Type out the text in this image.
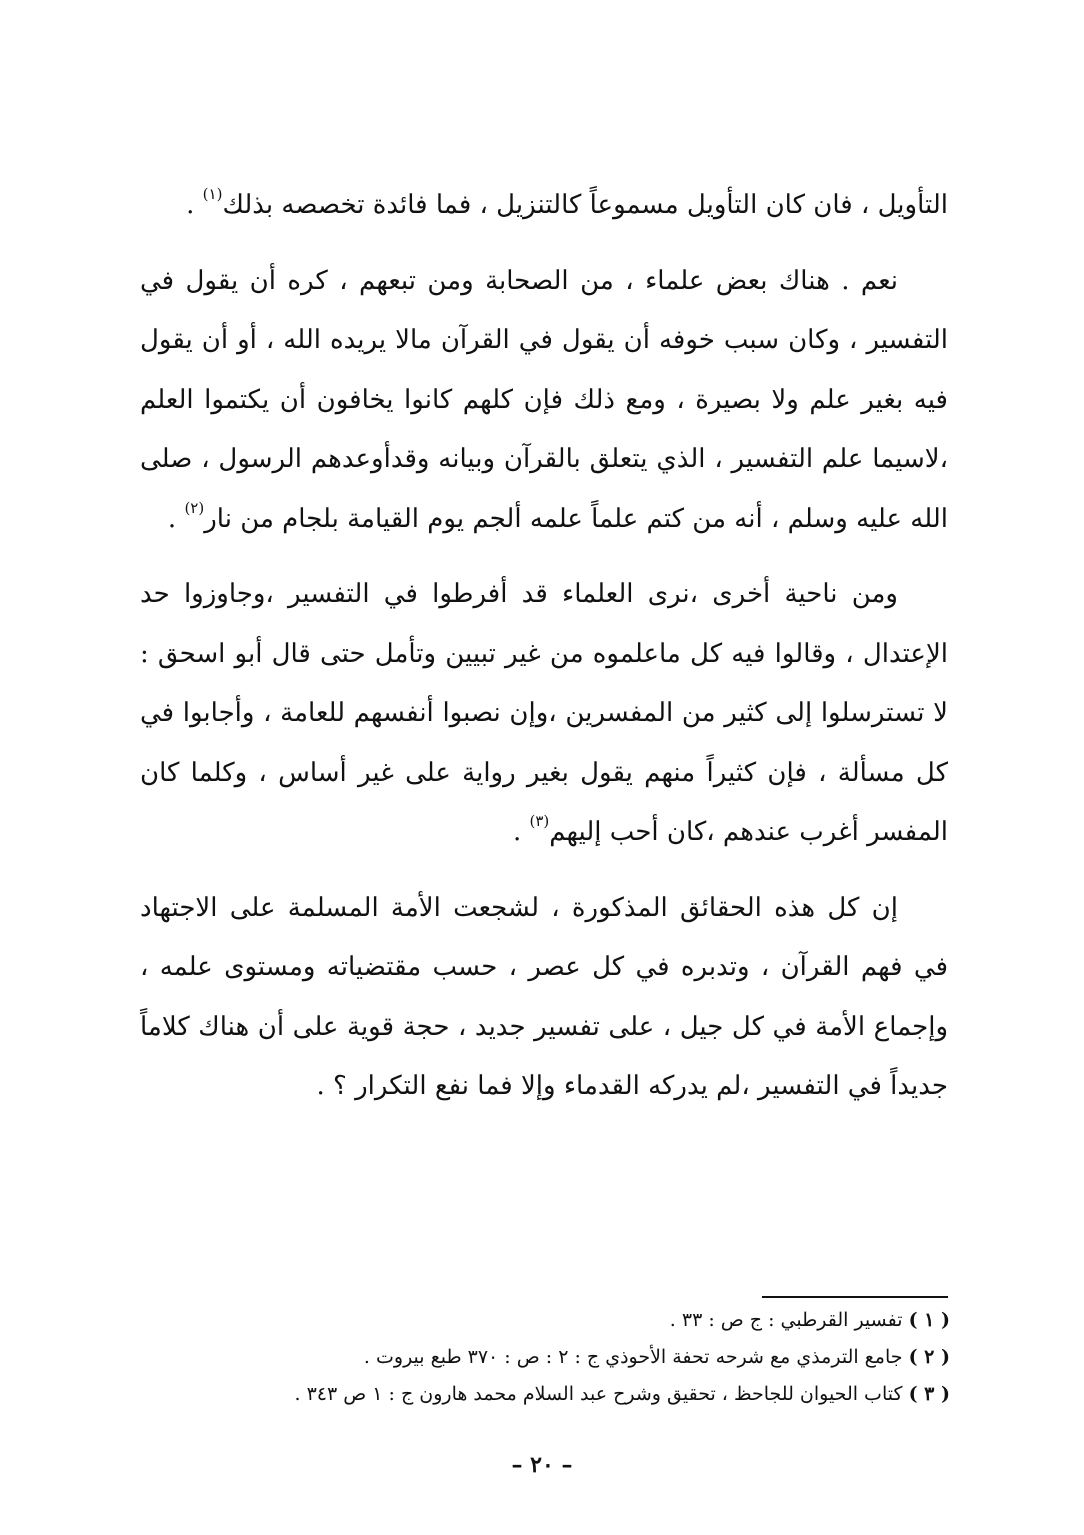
التأويل ، فان كان التأويل مسموعاً كالتنزيل ، فما فائدة تخصصه بذلك$^{(١)}$ .

نعم . هناك بعض علماء ، من الصحابة ومن تبعهم ، كره أن يقول في التفسير ، وكان سبب خوفه أن يقول في القرآن مالا يريده الله ، أو أن يقول فيه بغير علم ولا بصيرة ، ومع ذلك فإن كلهم كانوا يخافون أن يكتموا العلم ،لاسيما علم التفسير ، الذي يتعلق بالقرآن وبيانه وقدأوعدهم الرسول ، صلى الله عليه وسلم ، أنه من كتم علماً علمه ألجم يوم القيامة بلجام من نار$^{(٢)}$ .

ومن ناحية أخرى ،نرى العلماء قد أفرطوا في التفسير ،وجاوزوا حد الإعتدال ، وقالوا فيه كل ماعلموه من غير تبيين وتأمل حتى قال أبو اسحق : لا تسترسلوا إلى كثير من المفسرين ،وإن نصبوا أنفسهم للعامة ، وأجابوا في كل مسألة ، فإن كثيراً منهم يقول بغير رواية على غير أساس ، وكلما كان المفسر أغرب عندهم ،كان أحب إليهم$^{(٣)}$ .

إن كل هذه الحقائق المذكورة ، لشجعت الأمة المسلمة على الاجتهاد في فهم القرآن ، وتدبره في كل عصر ، حسب مقتضياته ومستوى علمه ، وإجماع الأمة في كل جيل ، على تفسير جديد ، حجة قوية على أن هناك كلاماً جديداً في التفسير ،لم يدركه القدماء وإلا فما نفع التكرار ؟ .

( ١ ) تفسير القرطبي : ج ص : ٣٣ .

( ٢ ) جامع الترمذي مع شرحه تحفة الأحوذي ج : ٢ : ص : ٣٧٠ طبع بيروت .

( ٣ ) كتاب الحيوان للجاحظ ، تحقيق وشرح عبد السلام محمد هارون ج : ١ ص ٣٤٣ .

– ٢٠ –
